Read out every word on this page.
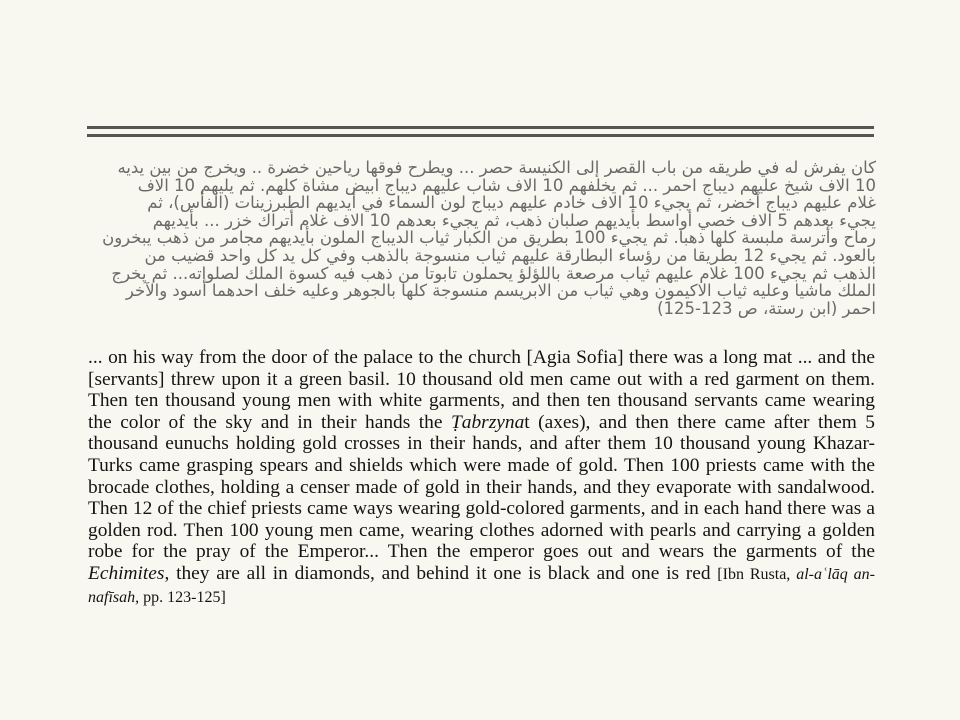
كان يفرش له في طريقه من باب القصر إلى الكنيسة حصر ... ويطرح فوقها رياحين خضرة .. ويخرج من بين يديه
10 الاف شيخ عليهم ديباج احمر ... ثم يخلفهم 10 الاف شاب عليهم ديباج ابيض مشاة كلهم. ثم يليهم 10 الاف
غلام عليهم ديباج أخضر، ثم يجيء 10 الاف خادم عليهم ديباج لون السماء في أيديهم الطبرزينات (الفأس)، ثم
يجيء بعدهم 5 الاف خصي أواسط بأيديهم صلبان ذهب، ثم يجيء بعدهم 10 الاف غلام أتراك خزر ... بأيديهم
رماح وأترسة ملبسة كلها ذهبا. ثم يجيء 100 بطريق من الكبار ثياب الديباج الملون بأيديهم مجامر من ذهب يبخرون
بالعود. ثم يجيء 12 بطريقا من رؤساء البطارقة عليهم ثياب منسوجة بالذهب وفي كل يد كل واحد قضيب من
الذهب ثم يجيء 100 غلام عليهم ثياب مرصعة باللؤلؤ يحملون تابوتا من ذهب فيه كسوة الملك لصلواته... ثم يخرج
الملك ماشيا وعليه ثياب الاكيمون وهي ثياب من الابريسم منسوجة كلها بالجوهر وعليه خلف احدهما أسود والآخر
احمر (ابن رستة، ص 123-125)
... on his way from the door of the palace to the church [Agia Sofia] there was a long mat ... and the [servants] threw upon it a green basil. 10 thousand old men came out with a red garment on them. Then ten thousand young men with white garments, and then ten thousand servants came wearing the color of the sky and in their hands the Ṭabrzynat (axes), and then there came after them 5 thousand eunuchs holding gold crosses in their hands, and after them 10 thousand young Khazar- Turks came grasping spears and shields which were made of gold. Then 100 priests came with the brocade clothes, holding a censer made of gold in their hands, and they evaporate with sandalwood. Then 12 of the chief priests came ways wearing gold-colored garments, and in each hand there was a golden rod. Then 100 young men came, wearing clothes adorned with pearls and carrying a golden robe for the pray of the Emperor... Then the emperor goes out and wears the garments of the Echimites, they are all in diamonds, and behind it one is black and one is red [Ibn Rusta, al-aʿlāq an-nafīsah, pp. 123-125]
